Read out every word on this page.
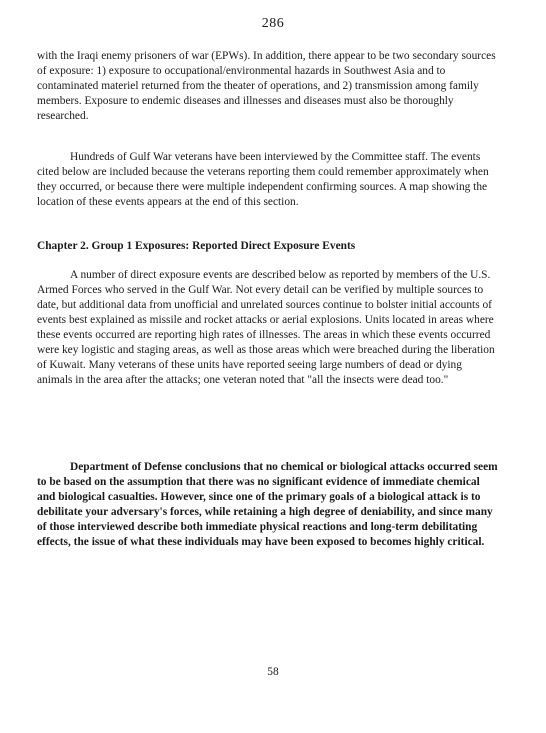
286

with the Iraqi enemy prisoners of war (EPWs). In addition, there appear to be two secondary sources of exposure: 1) exposure to occupational/environmental hazards in Southwest Asia and to contaminated materiel returned from the theater of operations, and 2) transmission among family members. Exposure to endemic diseases and illnesses and diseases must also be thoroughly researched.

Hundreds of Gulf War veterans have been interviewed by the Committee staff. The events cited below are included because the veterans reporting them could remember approximately when they occurred, or because there were multiple independent confirming sources. A map showing the location of these events appears at the end of this section.

Chapter 2. Group 1 Exposures: Reported Direct Exposure Events

A number of direct exposure events are described below as reported by members of the U.S. Armed Forces who served in the Gulf War. Not every detail can be verified by multiple sources to date, but additional data from unofficial and unrelated sources continue to bolster initial accounts of events best explained as missile and rocket attacks or aerial explosions. Units located in areas where these events occurred are reporting high rates of illnesses. The areas in which these events occurred were key logistic and staging areas, as well as those areas which were breached during the liberation of Kuwait. Many veterans of these units have reported seeing large numbers of dead or dying animals in the area after the attacks; one veteran noted that "all the insects were dead too."

Department of Defense conclusions that no chemical or biological attacks occurred seem to be based on the assumption that there was no significant evidence of immediate chemical and biological casualties. However, since one of the primary goals of a biological attack is to debilitate your adversary's forces, while retaining a high degree of deniability, and since many of those interviewed describe both immediate physical reactions and long-term debilitating effects, the issue of what these individuals may have been exposed to becomes highly critical.

58
